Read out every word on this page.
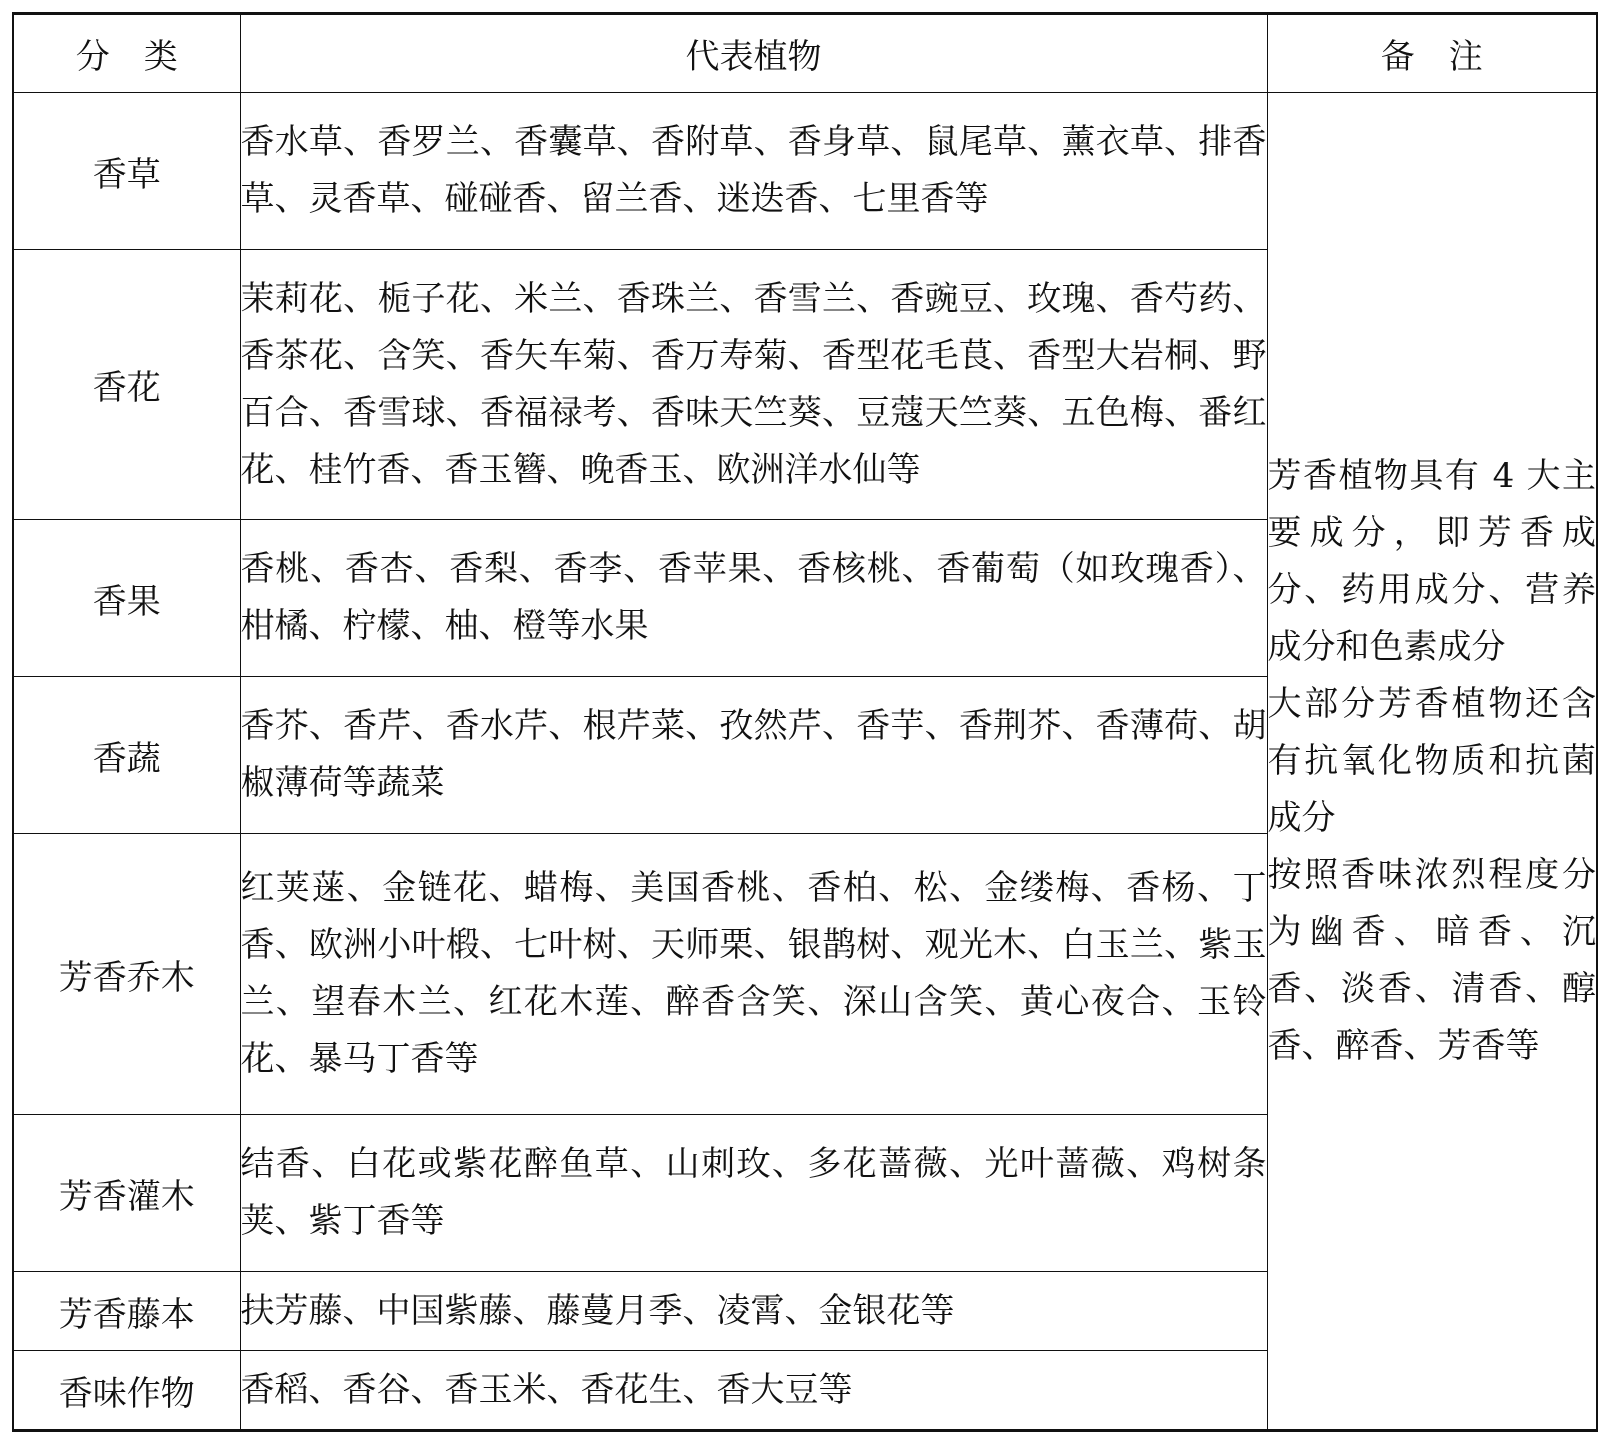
分　类	代表植物	备　注
香草	香水草、香罗兰、香囊草、香附草、香身草、鼠尾草、薰衣草、排香草、灵香草、碰碰香、留兰香、迷迭香、七里香等	芳香植物具有 4 大主要成分，即芳香成分、药用成分、营养成分和色素成分
大部分芳香植物还含有抗氧化物质和抗菌成分
按照香味浓烈程度分为幽香、暗香、沉香、淡香、清香、醇香、醉香、芳香等

香花	茉莉花、栀子花、米兰、香珠兰、香雪兰、香豌豆、玫瑰、香芍药、香茶花、含笑、香矢车菊、香万寿菊、香型花毛茛、香型大岩桐、野百合、香雪球、香福禄考、香味天竺葵、豆蔻天竺葵、五色梅、番红花、桂竹香、香玉簪、晚香玉、欧洲洋水仙等	
香果	香桃、香杏、香梨、香李、香苹果、香核桃、香葡萄（如玫瑰香）、柑橘、柠檬、柚、橙等水果	
香蔬	香芥、香芹、香水芹、根芹菜、孜然芹、香芋、香荆芥、香薄荷、胡椒薄荷等蔬菜	
芳香乔木	红荚蒾、金链花、蜡梅、美国香桃、香柏、松、金缕梅、香杨、丁香、欧洲小叶椴、七叶树、天师栗、银鹊树、观光木、白玉兰、紫玉兰、望春木兰、红花木莲、醉香含笑、深山含笑、黄心夜合、玉铃花、暴马丁香等	
芳香灌木	结香、白花或紫花醉鱼草、山刺玫、多花蔷薇、光叶蔷薇、鸡树条荚、紫丁香等	
芳香藤本	扶芳藤、中国紫藤、藤蔓月季、凌霄、金银花等	
香味作物	香稻、香谷、香玉米、香花生、香大豆等	
